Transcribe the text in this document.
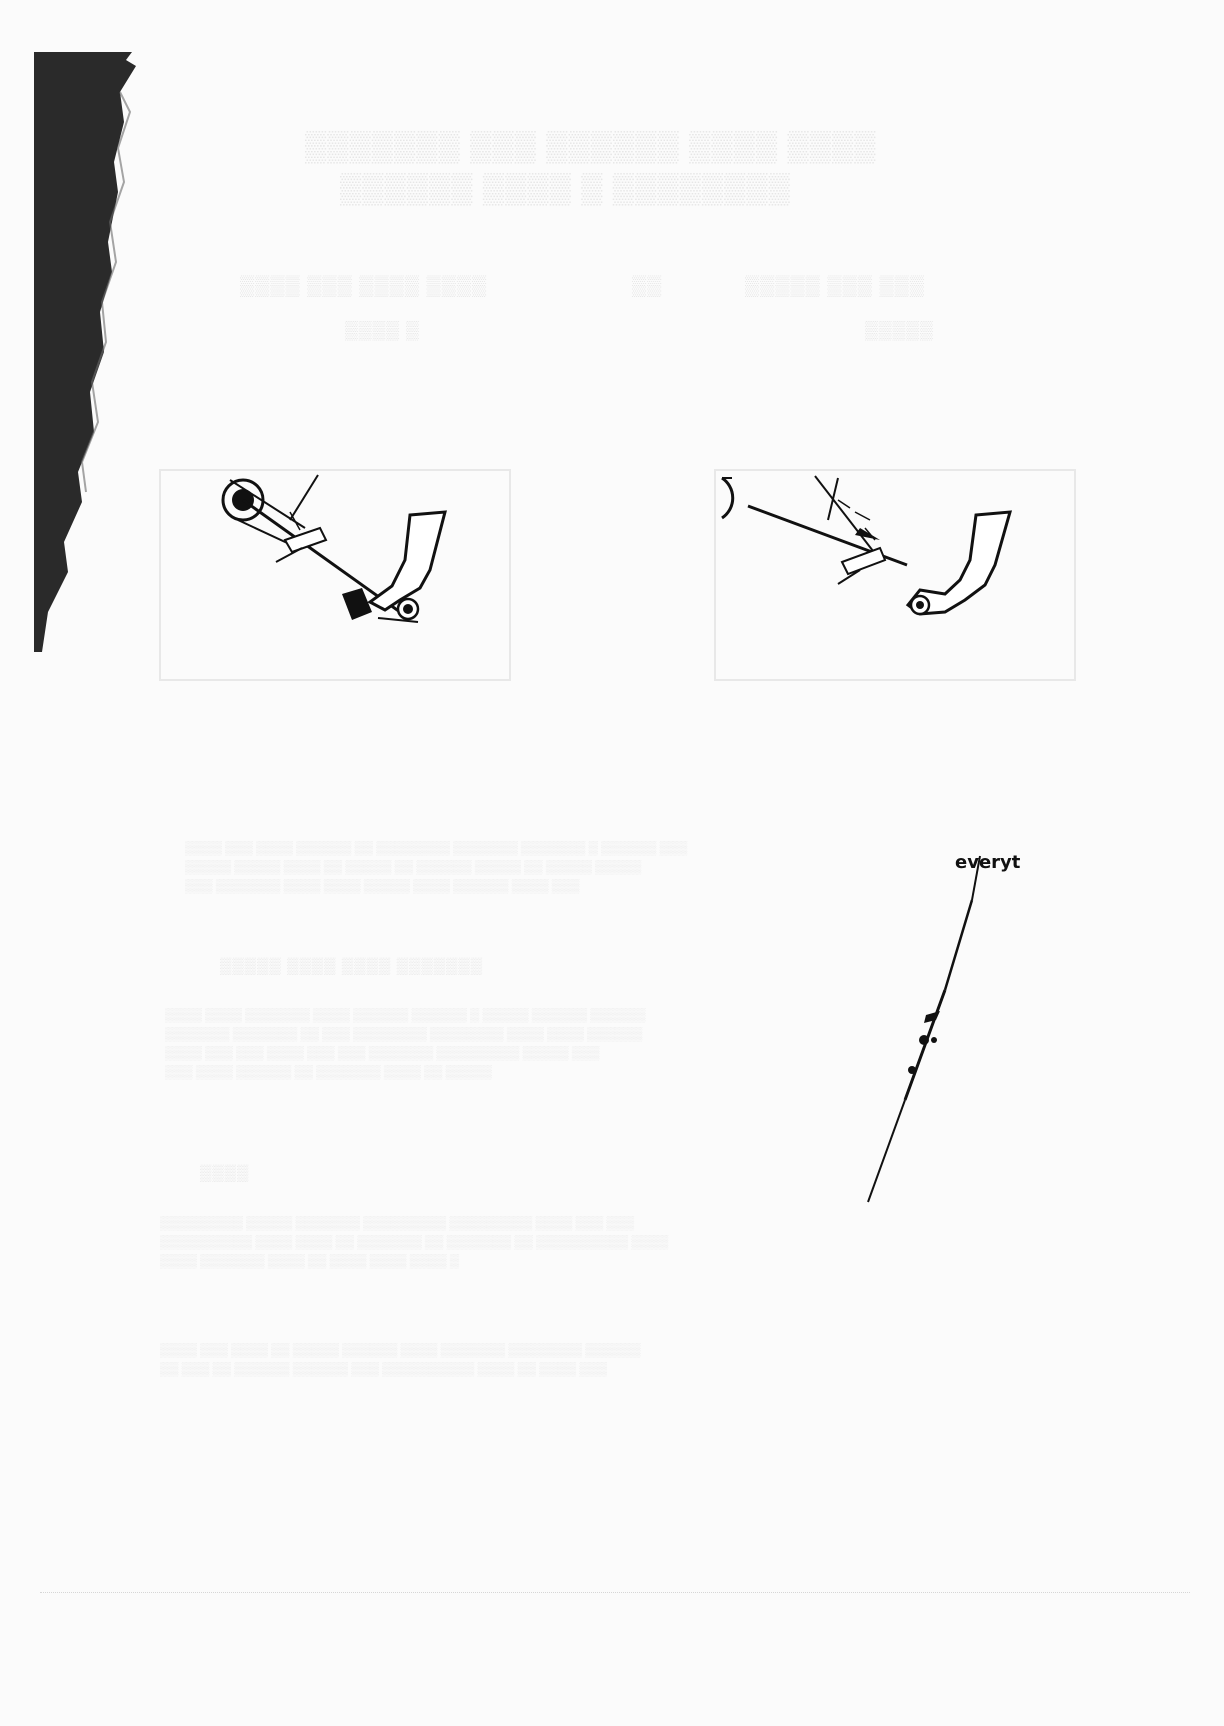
▒▒▒▒▒▒▒ ▒▒▒ ▒▒▒▒▒▒ ▒▒▒▒ ▒▒▒▒
▒▒▒▒▒▒ ▒▒▒▒ ▒ ▒▒▒▒▒▒▒▒
▒▒▒▒ ▒▒▒ ▒▒▒▒ ▒▒▒▒	▒▒	▒▒▒▒▒ ▒▒▒ ▒▒▒
▒▒▒▒ ▒	▒▒▒▒▒
▒▒▒▒ ▒▒▒ ▒▒▒▒ ▒▒▒▒▒▒ ▒▒ ▒▒▒▒▒▒▒▒ ▒▒▒▒▒▒▒ ▒▒▒▒▒▒▒ ▒ ▒▒▒▒▒▒ ▒▒▒
▒▒▒▒▒ ▒▒▒▒▒ ▒▒▒▒ ▒▒ ▒▒▒▒▒ ▒▒ ▒▒▒▒▒▒ ▒▒▒▒▒ ▒▒ ▒▒▒▒▒ ▒▒▒▒▒
▒▒▒ ▒▒▒▒▒▒▒ ▒▒▒▒ ▒▒▒▒ ▒▒▒▒▒ ▒▒▒▒ ▒▒▒▒▒▒ ▒▒▒▒ ▒▒▒
▒▒▒▒▒ ▒▒▒▒ ▒▒▒▒ ▒▒▒▒▒▒▒
▒▒▒▒ ▒▒▒▒ ▒▒▒▒▒▒▒ ▒▒▒▒ ▒▒▒▒▒▒ ▒▒▒▒▒▒ ▒ ▒▒▒▒▒ ▒▒▒▒▒▒ ▒▒▒▒▒▒
▒▒▒▒▒▒▒ ▒▒▒▒▒▒▒ ▒▒ ▒▒▒ ▒▒▒▒▒▒▒▒ ▒▒▒▒▒▒▒▒ ▒▒▒▒ ▒▒▒▒ ▒▒▒▒▒▒
▒▒▒▒ ▒▒▒ ▒▒▒ ▒▒▒▒ ▒▒▒ ▒▒▒ ▒▒▒▒▒▒▒ ▒▒▒▒▒▒▒▒▒ ▒▒▒▒▒ ▒▒▒
▒▒▒ ▒▒▒▒ ▒▒▒▒▒▒ ▒▒ ▒▒▒▒▒▒▒ ▒▒▒▒ ▒▒ ▒▒▒▒▒
▒▒▒▒
▒▒▒▒▒▒▒▒▒ ▒▒▒▒▒ ▒▒▒▒▒▒▒ ▒▒▒▒▒▒▒▒▒ ▒▒▒▒▒▒▒▒▒ ▒▒▒▒ ▒▒▒ ▒▒▒
▒▒▒▒▒▒▒▒▒▒ ▒▒▒▒ ▒▒▒▒ ▒▒ ▒▒▒▒▒▒▒ ▒▒ ▒▒▒▒▒▒▒ ▒▒ ▒▒▒▒▒▒▒▒▒▒ ▒▒▒▒
▒▒▒▒ ▒▒▒▒▒▒▒ ▒▒▒▒ ▒▒ ▒▒▒▒ ▒▒▒▒ ▒▒▒▒ ▒
▒▒▒▒ ▒▒▒ ▒▒▒▒ ▒▒ ▒▒▒▒▒ ▒▒▒▒▒▒ ▒▒▒▒ ▒▒▒▒▒▒▒ ▒▒▒▒▒▒▒▒ ▒▒▒▒▒▒
▒▒ ▒▒▒ ▒▒ ▒▒▒▒▒▒ ▒▒▒▒▒▒ ▒▒▒ ▒▒▒▒▒▒▒▒▒▒ ▒▒▒▒ ▒▒ ▒▒▒▒ ▒▒▒
everyt
